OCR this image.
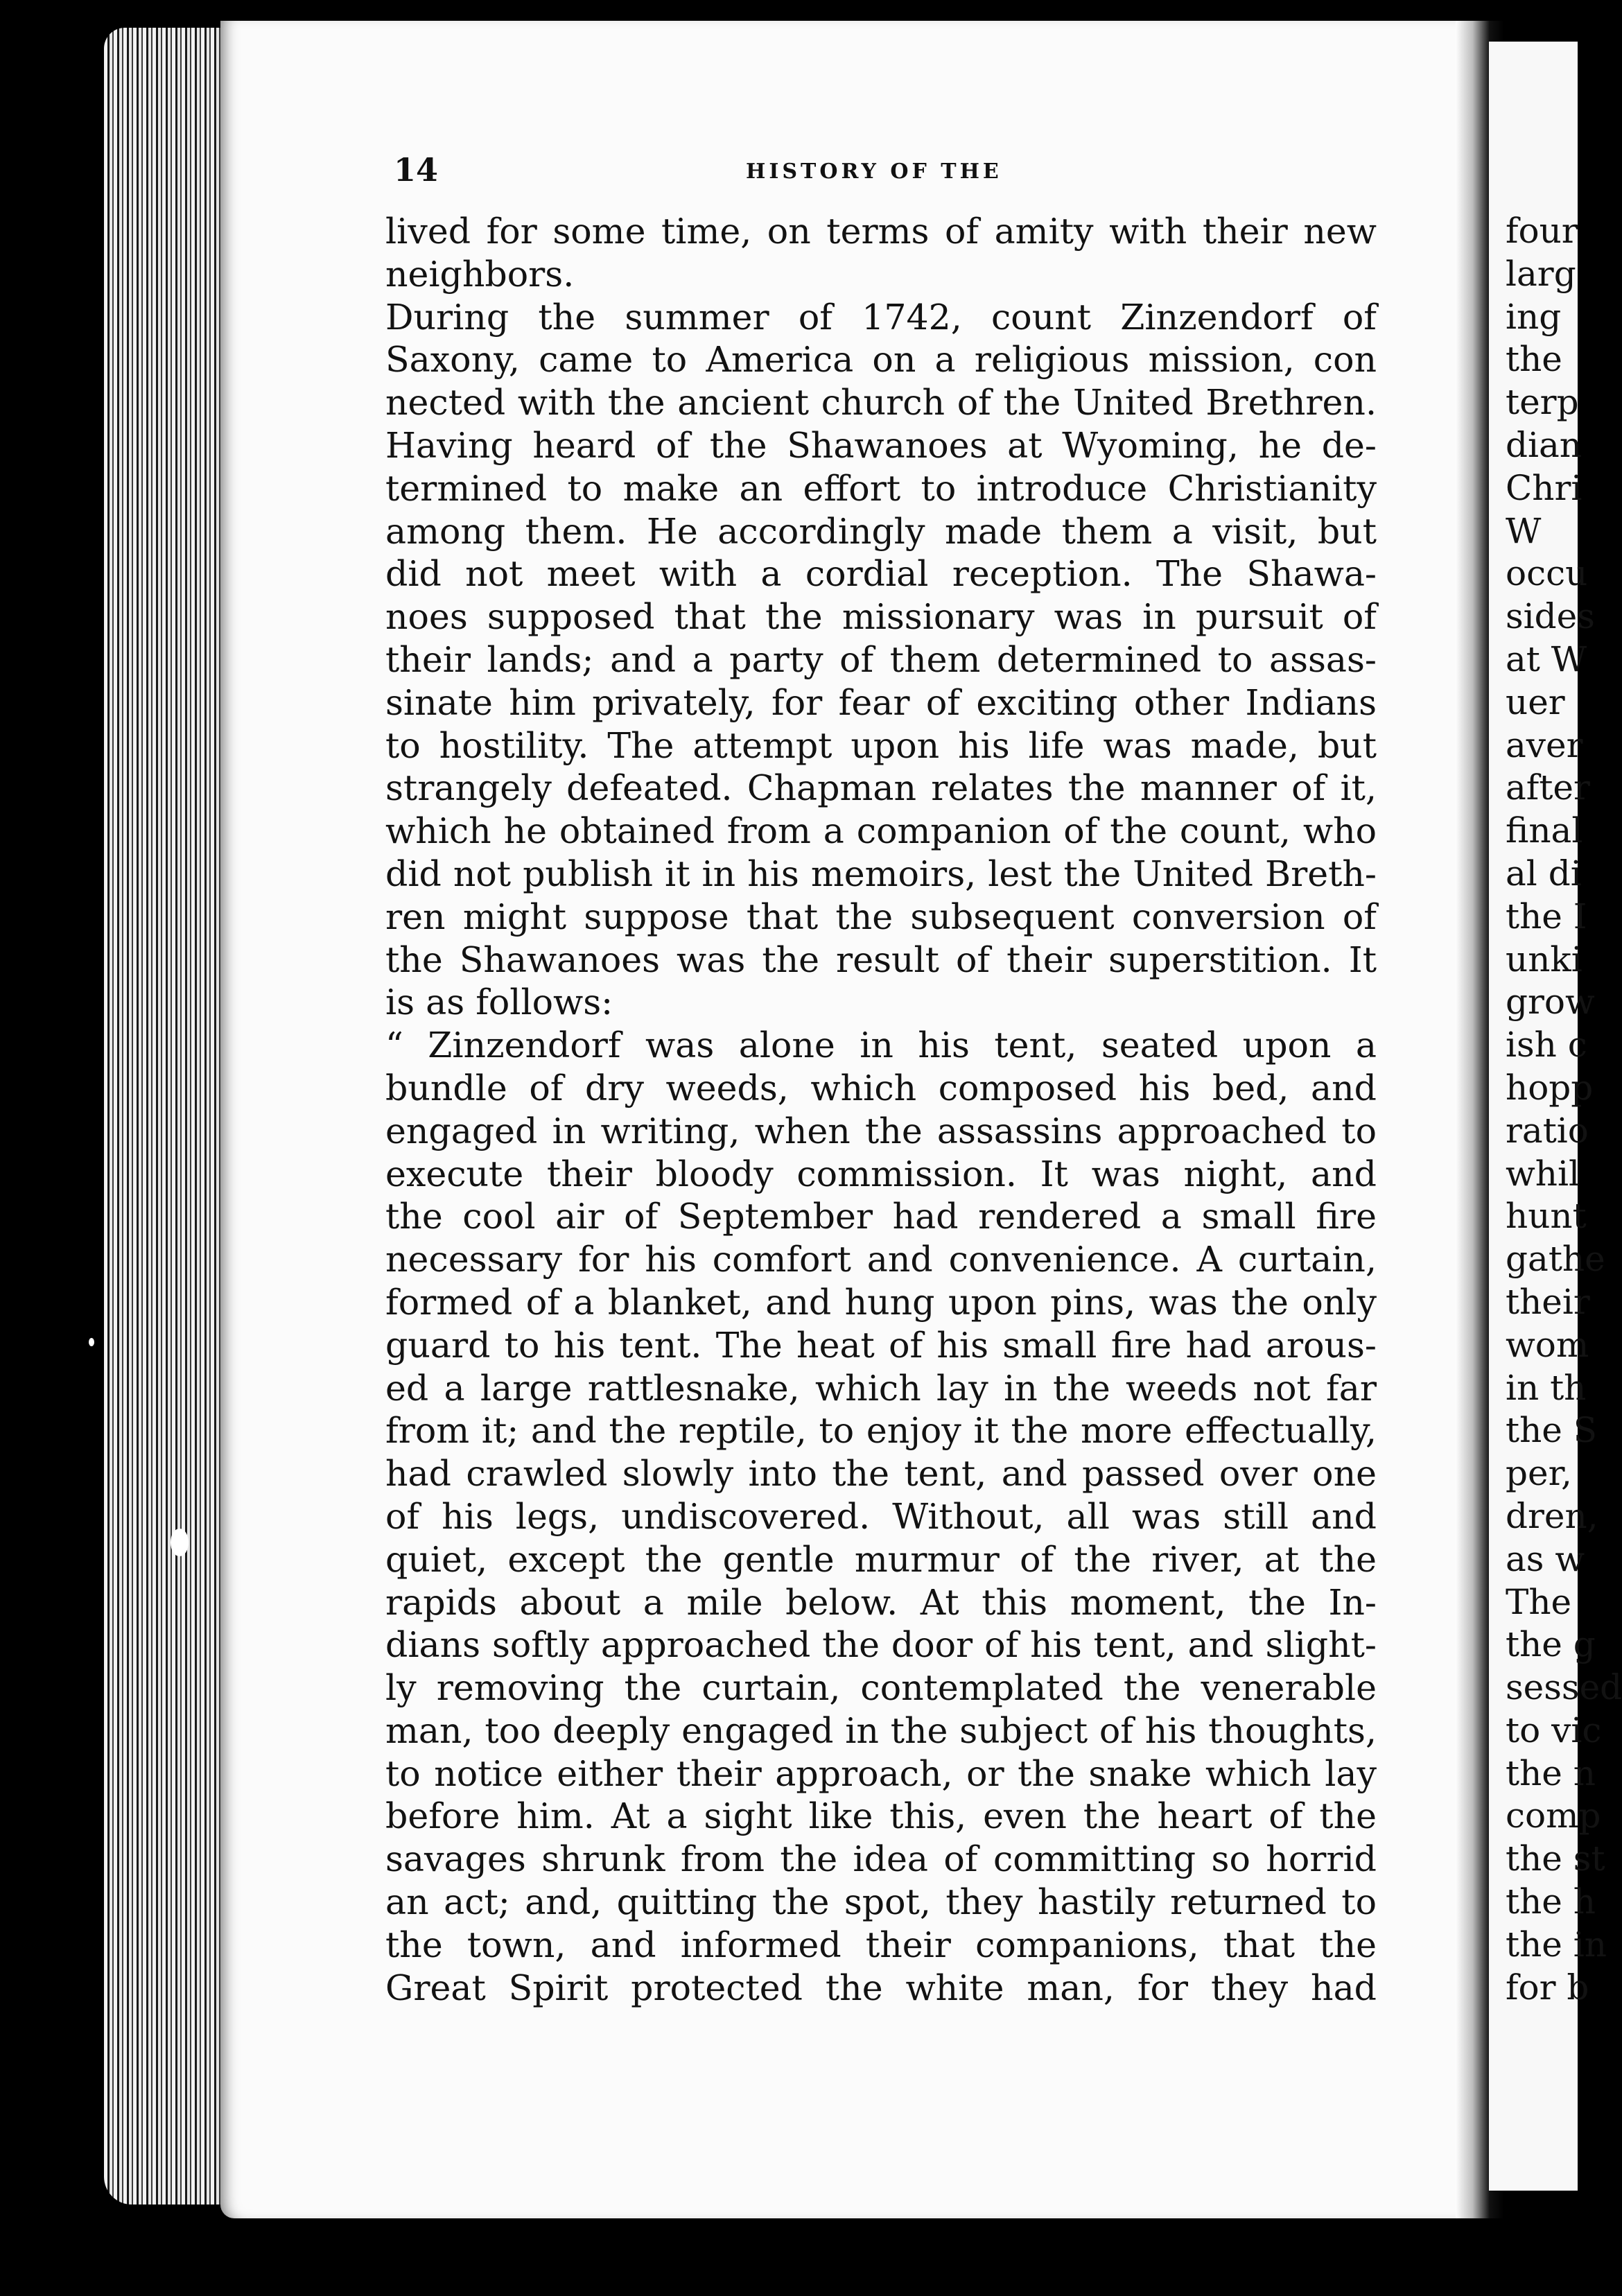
four
larg
ing
the
terp
dian
Chri
W
occu
sides
at W
uer
aver
after
final
al di
the I
unki
grow
ish c
hopp
ratio
whil
hunt
gathe
their
wom
in th
the S
per,
dren,
as w
The
the g
sessed
to vic
the n
comp
the st
the h
the in
for b
14	HISTORY OF THE
lived for some time, on terms of amity with their new
neighbors.
During the summer of 1742, count Zinzendorf of
Saxony, came to America on a religious mission, con
nected with the ancient church of the United Brethren.
Having heard of the Shawanoes at Wyoming, he de-
termined to make an effort to introduce Christianity
among them. He accordingly made them a visit, but
did not meet with a cordial reception. The Shawa-
noes supposed that the missionary was in pursuit of
their lands; and a party of them determined to assas-
sinate him privately, for fear of exciting other Indians
to hostility. The attempt upon his life was made, but
strangely defeated. Chapman relates the manner of it,
which he obtained from a companion of the count, who
did not publish it in his memoirs, lest the United Breth-
ren might suppose that the subsequent conversion of
the Shawanoes was the result of their superstition. It
is as follows:
“ Zinzendorf was alone in his tent, seated upon a
bundle of dry weeds, which composed his bed, and
engaged in writing, when the assassins approached to
execute their bloody commission. It was night, and
the cool air of September had rendered a small fire
necessary for his comfort and convenience. A curtain,
formed of a blanket, and hung upon pins, was the only
guard to his tent. The heat of his small fire had arous-
ed a large rattlesnake, which lay in the weeds not far
from it; and the reptile, to enjoy it the more effectually,
had crawled slowly into the tent, and passed over one
of his legs, undiscovered. Without, all was still and
quiet, except the gentle murmur of the river, at the
rapids about a mile below. At this moment, the In-
dians softly approached the door of his tent, and slight-
ly removing the curtain, contemplated the venerable
man, too deeply engaged in the subject of his thoughts,
to notice either their approach, or the snake which lay
before him. At a sight like this, even the heart of the
savages shrunk from the idea of committing so horrid
an act; and, quitting the spot, they hastily returned to
the town, and informed their companions, that the
Great Spirit protected the white man, for they had
